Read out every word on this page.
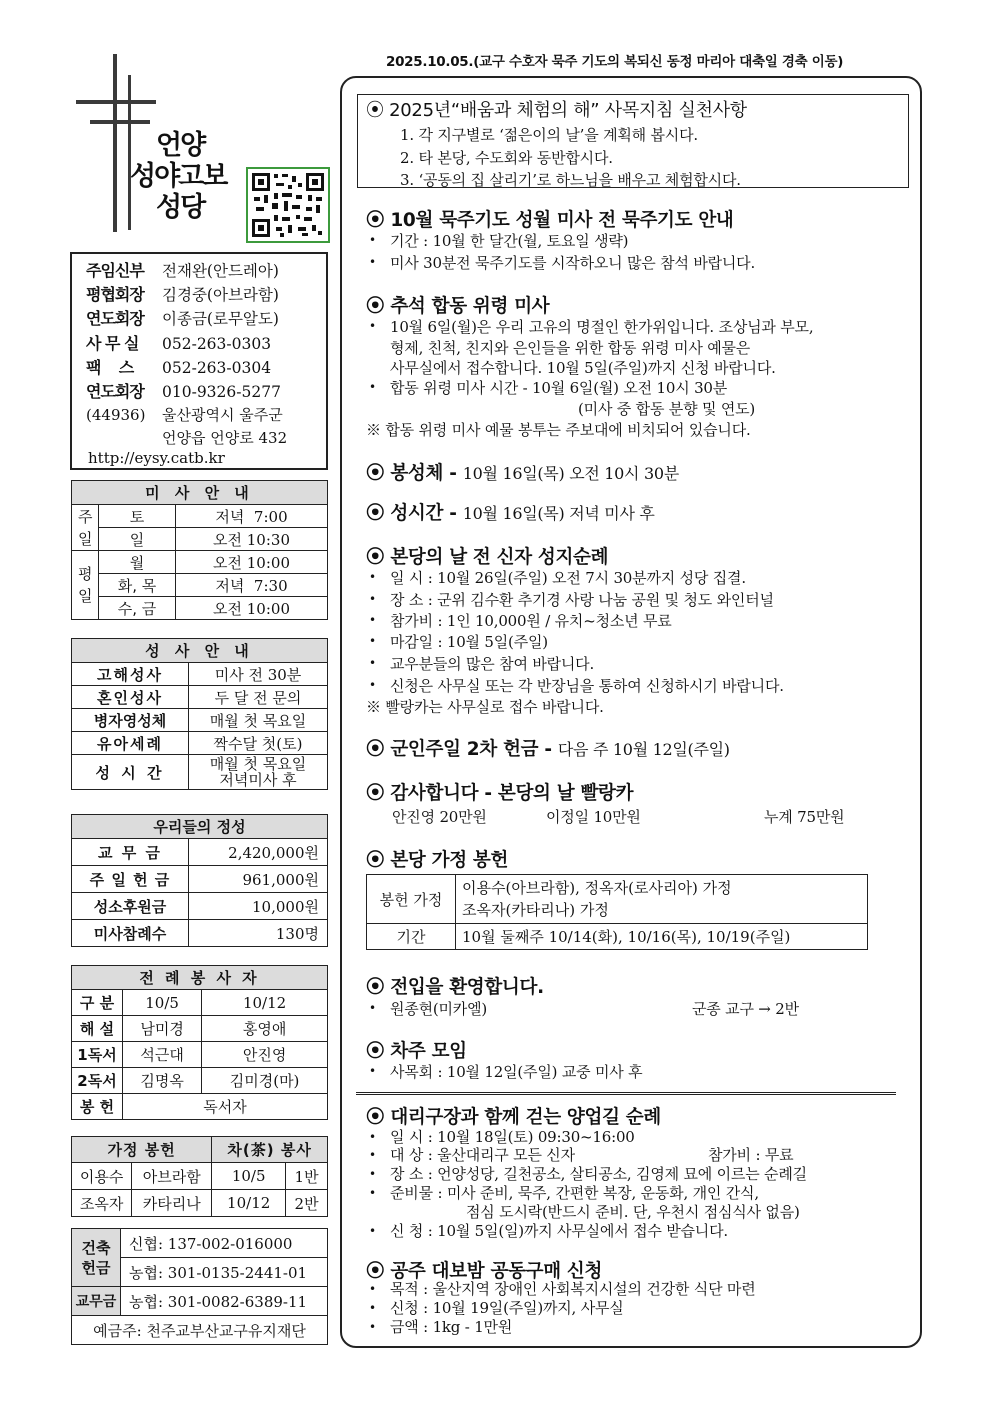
2025.10.05.(교구 수호자 묵주 기도의 복되신 동정 마리아 대축일 경축 이동)
언양
성야고보
성당
주임신부 전재완(안드레아)
평협회장 김경중(아브라함)
연도회장 이종금(로무알도)
사 무 실 052-263-0303
팩    스 052-263-0304
연도회장 010-9326-5277
(44936) 울산광역시 울주군
언양읍 언양로 432
http://eysy.catb.kr
미 사 안 내		
주일	토	저녁  7:00
	일	오전 10:30
평일	월	오전 10:00
	화, 목	저녁  7:30
	수, 금	오전 10:00
성 사 안 내	
고해성사	미사 전 30분
혼인성사	두 달 전 문의
병자영성체	매월 첫 목요일
유아세례	짝수달 첫(토)
성 시 간	매월 첫 목요일
저녁미사 후
우리들의 정성	
교 무 금	2,420,000원
주 일 헌 금	961,000원
성소후원금	10,000원
미사참례수	130명
전 례 봉 사 자		
구 분	10/5	10/12
해 설	남미경	홍영애
1독서	석근대	안진영
2독서	김명옥	김미경(마)
봉 헌	독서자	
가정 봉헌		차(茶) 봉사	
이용수	아브라함	10/5	1반
조옥자	카타리나	10/12	2반
건축헌금	신협: 137-002-016000
	농협: 301-0135-2441-01
교무금	농협: 301-0082-6389-11
예금주: 천주교부산교구유지재단	
⦿ 2025년“배움과 체험의 해” 사목지침 실천사항
1. 각 지구별로 ‘젊은이의 날’을 계획해 봅시다.
2. 타 본당, 수도회와 동반합시다.
3. ‘공동의 집 살리기’로 하느님을 배우고 체험합시다.
⦿ 10월 묵주기도 성월 미사 전 묵주기도 안내
• 기간 : 10월 한 달간(월, 토요일 생략)
• 미사 30분전 묵주기도를 시작하오니 많은 참석 바랍니다.
⦿ 추석 합동 위령 미사
• 10월 6일(월)은 우리 고유의 명절인 한가위입니다. 조상님과 부모,
형제, 친척, 친지와 은인들을 위한 합동 위령 미사 예물은
사무실에서 접수합니다. 10월 5일(주일)까지 신청 바랍니다.
• 합동 위령 미사 시간 - 10월 6일(월) 오전 10시 30분
(미사 중 합동 분향 및 연도)
※ 합동 위령 미사 예물 봉투는 주보대에 비치되어 있습니다.
⦿ 봉성체 - 10월 16일(목) 오전 10시 30분
⦿ 성시간 - 10월 16일(목) 저녁 미사 후
⦿ 본당의 날 전 신자 성지순례
• 일 시 : 10월 26일(주일) 오전 7시 30분까지 성당 집결.
• 장 소 : 군위 김수환 추기경 사랑 나눔 공원 및 청도 와인터널
• 참가비 : 1인 10,000원 / 유치~청소년 무료
• 마감일 : 10월 5일(주일)
• 교우분들의 많은 참여 바랍니다.
• 신청은 사무실 또는 각 반장님을 통하여 신청하시기 바랍니다.
※ 빨랑카는 사무실로 접수 바랍니다.
⦿ 군인주일 2차 헌금 - 다음 주 10월 12일(주일)
⦿ 감사합니다 - 본당의 날 빨랑카
안진영 20만원	이정일 10만원	누계 75만원
⦿ 본당 가정 봉헌
봉헌 가정	이용수(아브라함), 정옥자(로사리아) 가정
조옥자(카타리나) 가정

기간	10월 둘째주 10/14(화), 10/16(목), 10/19(주일)
⦿ 전입을 환영합니다.
• 원종현(미카엘)	군종 교구 → 2반
⦿ 차주 모임
• 사목회 : 10월 12일(주일) 교중 미사 후
⦿ 대리구장과 함께 걷는 양업길 순례
• 일 시 : 10월 18일(토) 09:30~16:00
• 대 상 : 울산대리구 모든 신자	참가비 : 무료
• 장 소 : 언양성당, 길천공소, 살티공소, 김영제 묘에 이르는 순례길
• 준비물 : 미사 준비, 묵주, 간편한 복장, 운동화, 개인 간식,
점심 도시락(반드시 준비. 단, 우천시 점심식사 없음)
• 신 청 : 10월 5일(일)까지 사무실에서 접수 받습니다.
⦿ 공주 대보밤 공동구매 신청
• 목적 : 울산지역 장애인 사회복지시설의 건강한 식단 마련
• 신청 : 10월 19일(주일)까지, 사무실
• 금액 : 1kg - 1만원
